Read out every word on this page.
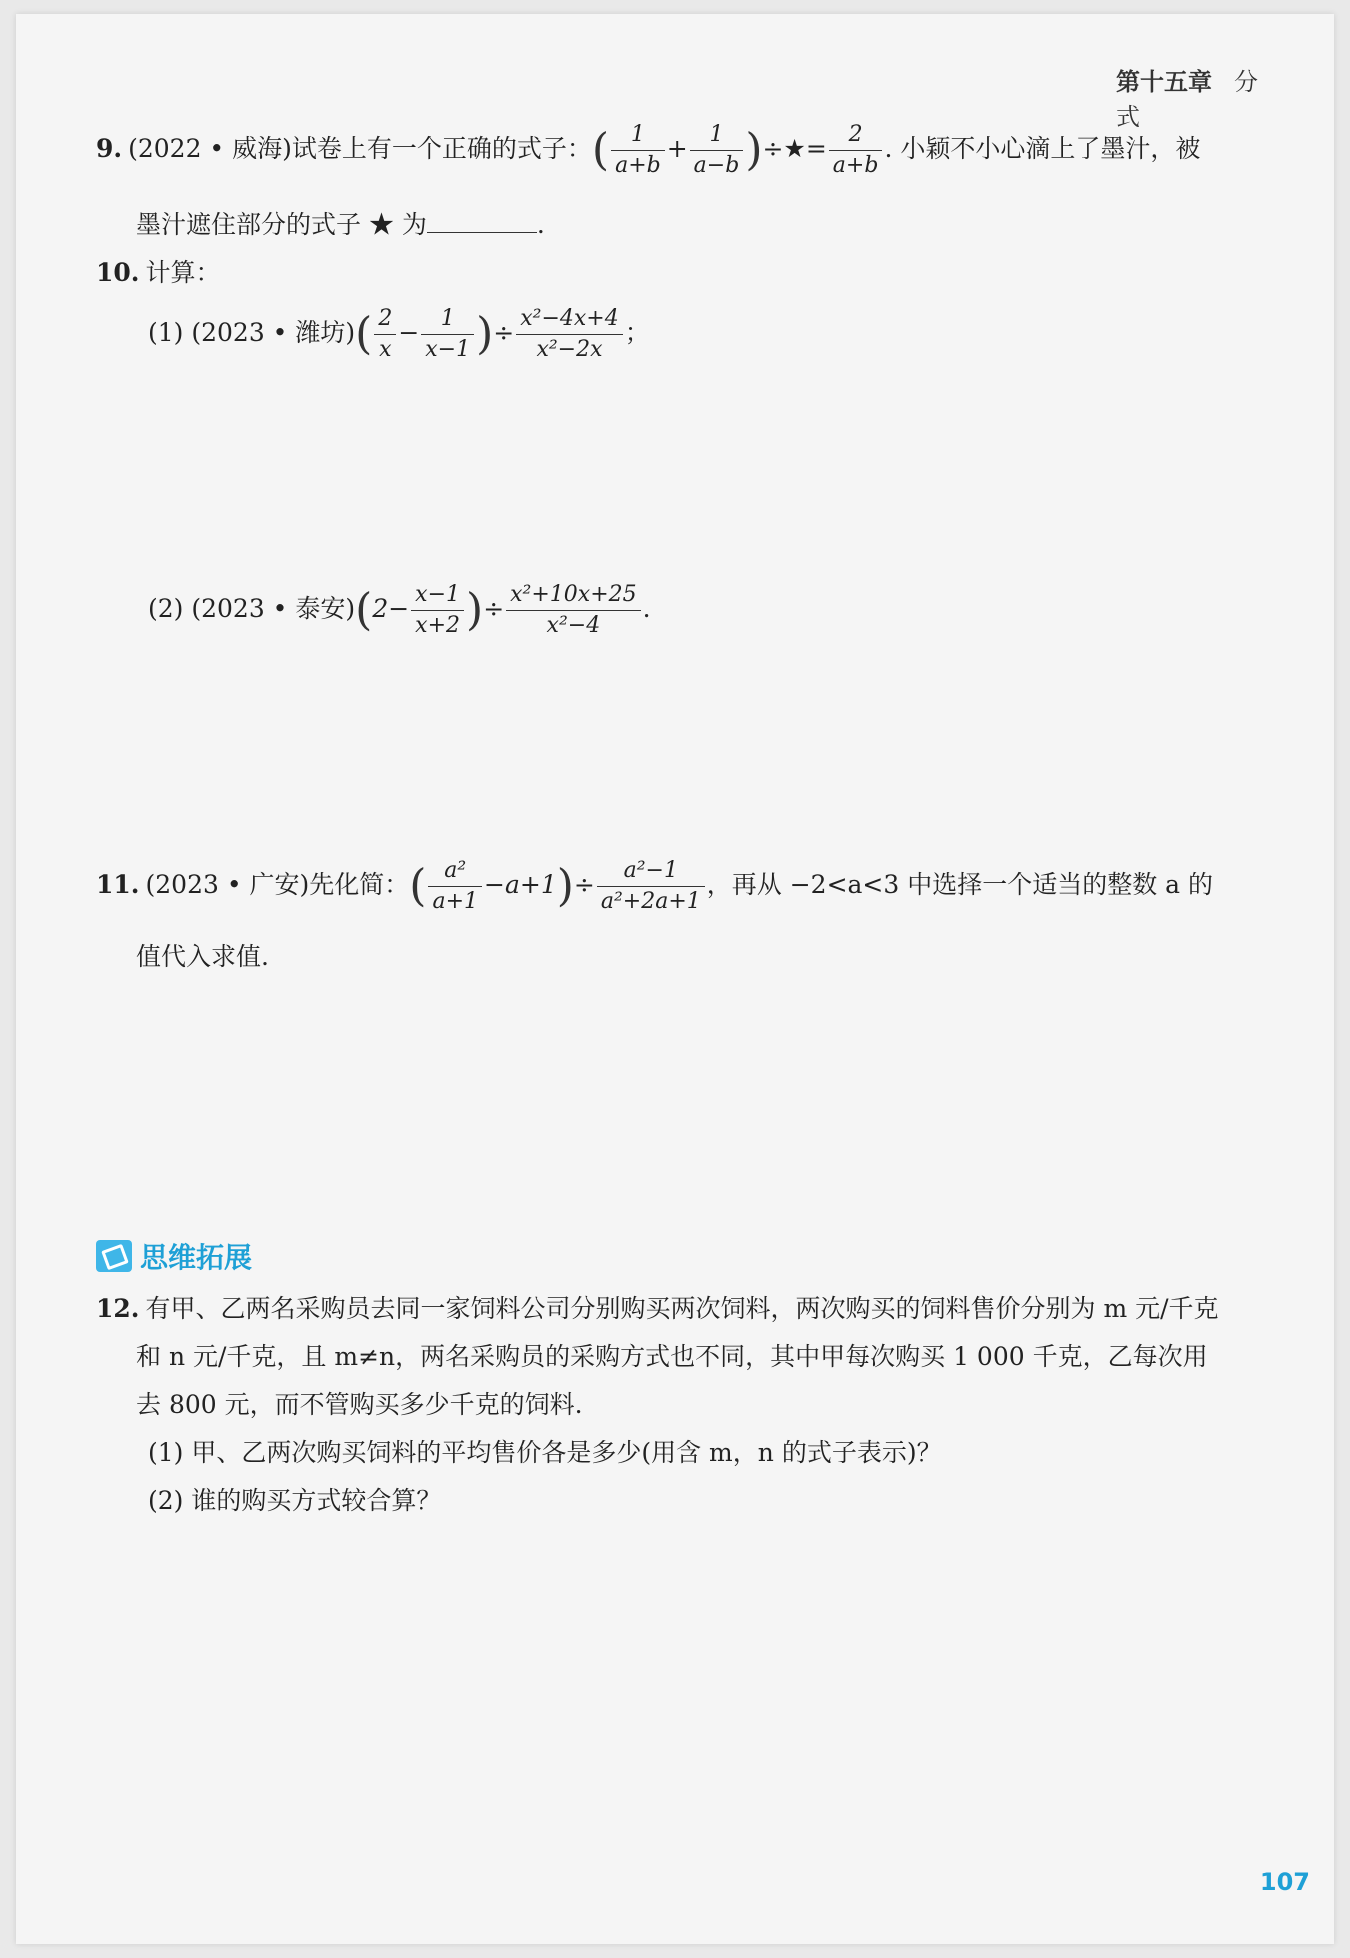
第十五章 分式
9. (2022 • 威海)试卷上有一个正确的式子：( $\frac{1}{a+b} + \frac{1}{a-b}$ )÷★= $\frac{2}{a+b}$ . 小颖不小心滴上了墨汁，被
墨汁遮住部分的式子 ★ 为	.
10. 计算：
(1) (2023 • 潍坊)( $\frac{2}{x} - \frac{1}{x-1}$ )÷ $\frac{\text{x²−4x+4}}{\text{x²−2x}}$ ；
(2) (2023 • 泰安)($2- \frac{x-1}{x+2}$ )÷ $\frac{\text{x²+10x+25}}{\text{x²−4}}$ .
11. (2023 • 广安)先化简：( $\frac{\text{a²}}{a+1} -a+1)\div \frac{\text{a²−1}}{\text{a²+2a+1}}$ ，再从 −2<a<3 中选择一个适当的整数 a 的
值代入求值.
思维拓展
12. 有甲、乙两名采购员去同一家饲料公司分别购买两次饲料，两次购买的饲料售价分别为 m 元/千克
和 n 元/千克，且 m≠n，两名采购员的采购方式也不同，其中甲每次购买 1 000 千克，乙每次用
去 800 元，而不管购买多少千克的饲料.
(1) 甲、乙两次购买饲料的平均售价各是多少(用含 m，n 的式子表示)？
(2) 谁的购买方式较合算？
107
